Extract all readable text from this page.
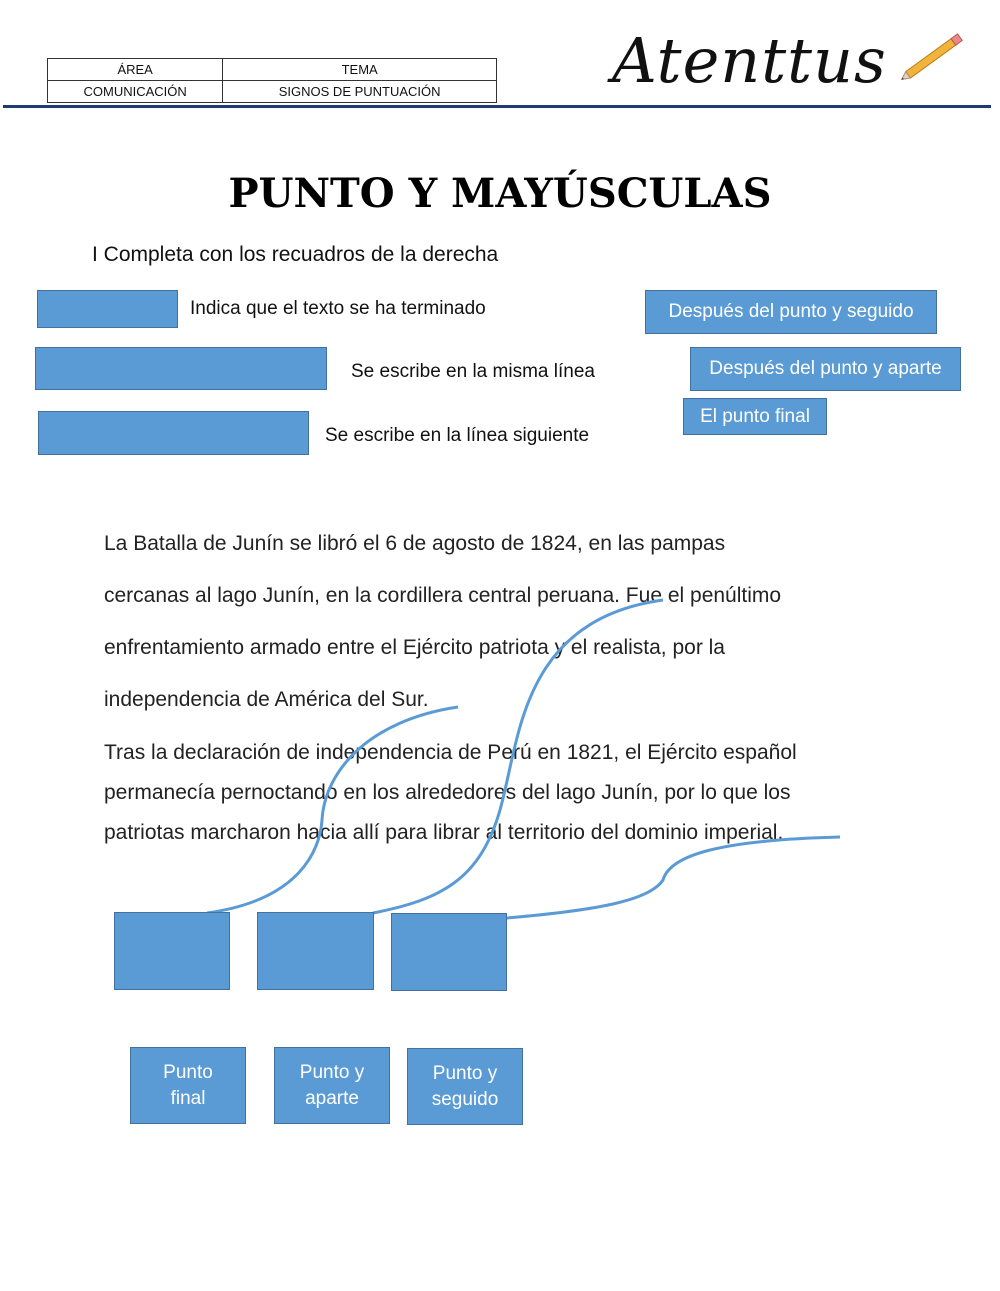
ÁREA	TEMA
COMUNICACIÓN	SIGNOS DE PUNTUACIÓN	Atenttus
PUNTO Y MAYÚSCULAS
I Completa con los recuadros de la derecha
Indica que el texto se ha terminado
Se escribe en la misma línea
Se escribe en la línea siguiente
Después del punto y seguido
Después del punto y aparte
El punto final
La Batalla de Junín se libró el 6 de agosto de 1824, en las pampas
cercanas al lago Junín, en la cordillera central peruana. Fue el penúltimo
enfrentamiento armado entre el Ejército patriota y el realista, por la
independencia de América del Sur.
Tras la declaración de independencia de Perú en 1821, el Ejército español
permanecía pernoctando en los alrededores del lago Junín, por lo que los
patriotas marcharon hacia allí para librar al territorio del dominio imperial.
Punto
final
Punto y
aparte
Punto y
seguido
